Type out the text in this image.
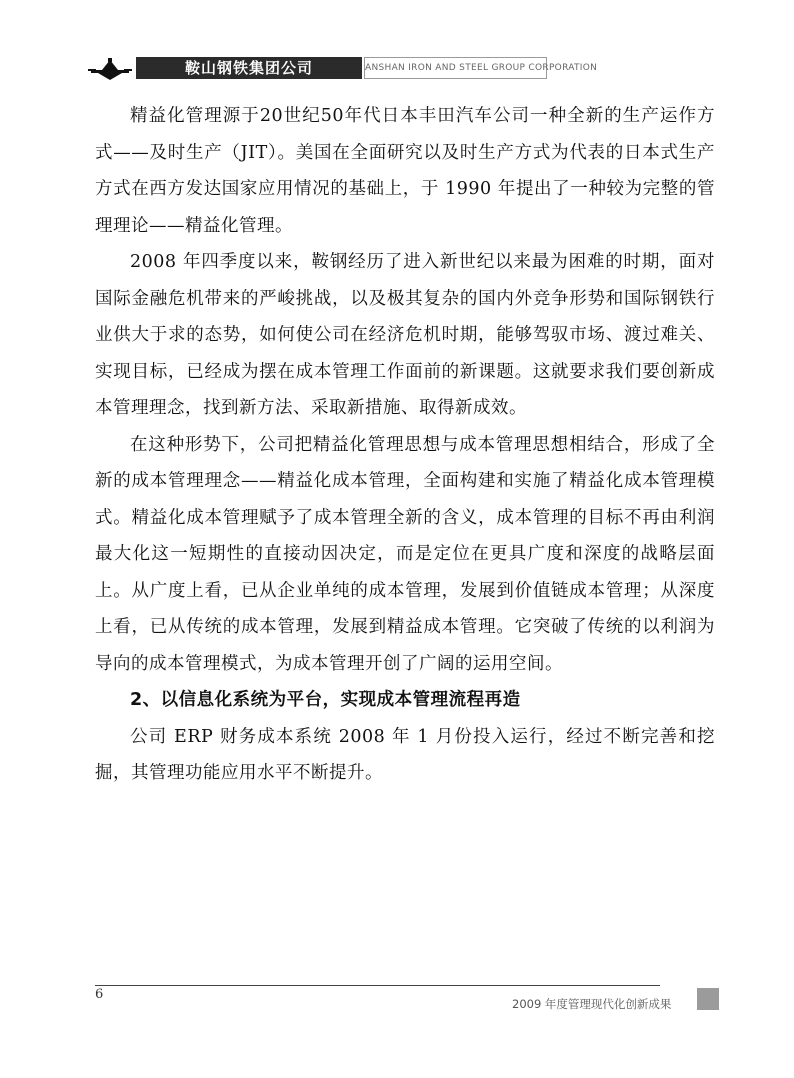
鞍山钢铁集团公司	ANSHAN IRON AND STEEL GROUP CORPORATION

精益化管理源于20世纪50年代日本丰田汽车公司一种全新的生产运作方式——及时生产（JIT）。美国在全面研究以及时生产方式为代表的日本式生产方式在西方发达国家应用情况的基础上，于 1990 年提出了一种较为完整的管理理论——精益化管理。

2008 年四季度以来，鞍钢经历了进入新世纪以来最为困难的时期，面对国际金融危机带来的严峻挑战，以及极其复杂的国内外竞争形势和国际钢铁行业供大于求的态势，如何使公司在经济危机时期，能够驾驭市场、渡过难关、实现目标，已经成为摆在成本管理工作面前的新课题。这就要求我们要创新成本管理理念，找到新方法、采取新措施、取得新成效。

在这种形势下，公司把精益化管理思想与成本管理思想相结合，形成了全新的成本管理理念——精益化成本管理，全面构建和实施了精益化成本管理模式。精益化成本管理赋予了成本管理全新的含义，成本管理的目标不再由利润最大化这一短期性的直接动因决定，而是定位在更具广度和深度的战略层面上。从广度上看，已从企业单纯的成本管理，发展到价值链成本管理；从深度上看，已从传统的成本管理，发展到精益成本管理。它突破了传统的以利润为导向的成本管理模式，为成本管理开创了广阔的运用空间。

2、以信息化系统为平台，实现成本管理流程再造

公司 ERP 财务成本系统 2008 年 1 月份投入运行，经过不断完善和挖掘，其管理功能应用水平不断提升。

6
2009 年度管理现代化创新成果
